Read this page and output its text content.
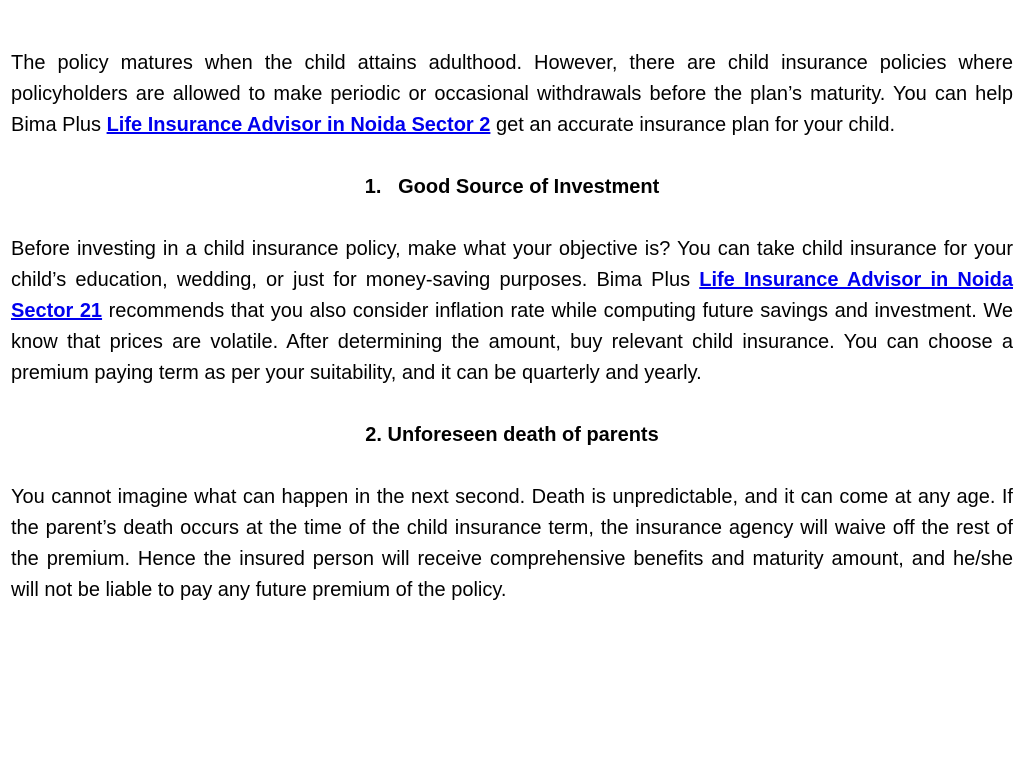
The policy matures when the child attains adulthood. However, there are child insurance policies where policyholders are allowed to make periodic or occasional withdrawals before the plan’s maturity. You can help Bima Plus Life Insurance Advisor in Noida Sector 2 get an accurate insurance plan for your child.

1.   Good Source of Investment

Before investing in a child insurance policy, make what your objective is? You can take child insurance for your child’s education, wedding, or just for money-saving purposes. Bima Plus Life Insurance Advisor in Noida Sector 21 recommends that you also consider inflation rate while computing future savings and investment. We know that prices are volatile. After determining the amount, buy relevant child insurance. You can choose a premium paying term as per your suitability, and it can be quarterly and yearly.

2. Unforeseen death of parents

You cannot imagine what can happen in the next second. Death is unpredictable, and it can come at any age. If the parent’s death occurs at the time of the child insurance term, the insurance agency will waive off the rest of the premium. Hence the insured person will receive comprehensive benefits and maturity amount, and he/she will not be liable to pay any future premium of the policy.
